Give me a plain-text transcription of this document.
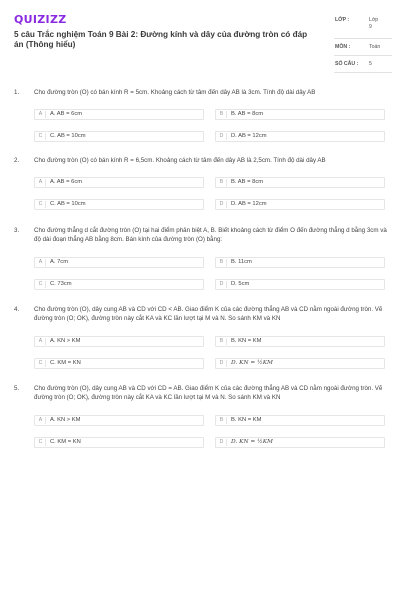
QUIZIZZ
5 câu Trắc nghiệm Toán 9 Bài 2: Đường kính và dây của đường tròn có đáp án (Thông hiểu)
LỚP :	Lớp 9
MÔN :	Toán
SỐ CÂU : 5
1. Cho đường tròn (O) có bán kính R = 5cm. Khoảng cách từ tâm đến dây AB là 3cm. Tính độ dài dây AB
A	A. AB = 6cm	B	B. AB = 8cm
C	C. AB = 10cm	D	D. AB = 12cm
2. Cho đường tròn (O) có bán kính R = 6,5cm. Khoảng cách từ tâm đến dây AB là 2,5cm. Tính độ dài dây AB
A	A. AB = 6cm	B	B. AB = 8cm
C	C. AB = 10cm	D	D. AB = 12cm
3. Cho đường thẳng d cắt đường tròn (O) tại hai điểm phân biệt A, B. Biết khoảng cách từ điểm O đến đường thẳng d bằng 3cm và độ dài đoạn thẳng AB bằng 8cm. Bán kính của đường tròn (O) bằng:
A	A. 7cm	B	B. 11cm
C	C. 73cm	D	D. 5cm
4. Cho đường tròn (O), dây cung AB và CD với CD < AB. Giao điểm K của các đường thẳng AB và CD nằm ngoài đường tròn. Vẽ đường tròn (O; OK), đường tròn này cắt KA và KC lần lượt tại M và N. So sánh KM và KN
A	A. KN > KM	B	B. KN = KM
C	C. KM = KN	D	D. KN = ½KM
5. Cho đường tròn (O), dây cung AB và CD với CD = AB. Giao điểm K của các đường thẳng AB và CD nằm ngoài đường tròn. Vẽ đường tròn (O; OK), đường tròn này cắt KA và KC lần lượt tại M và N. So sánh KM và KN
A	A. KN > KM	B	B. KN = KM
C	C. KM = KN	D	D. KN = ½KM
